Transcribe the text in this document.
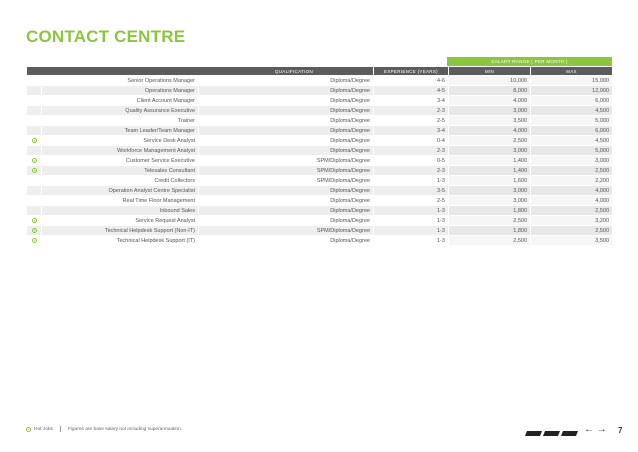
CONTACT CENTRE
SALARY RANGE ( PER MONTH )
QUALIFICATION			EXPERIENCE (YEARS)	MIN	MAX
	Senior Operations Manager	Diploma/Degree	4-6	10,000	15,000
	Operations Manager	Diploma/Degree	4-5	8,000	12,000
	Client Account Manager	Diploma/Degree	3-4	4,000	6,000
	Quality Assurance Executive	Diploma/Degree	2-3	3,000	4,500
	Trainer	Diploma/Degree	2-5	3,500	5,000
	Team Leader/Team Manager	Diploma/Degree	3-4	4,000	6,000
	Service Desk Analyst	Diploma/Degree	0-4	2,500	4,500
	Workforce Management Analyst	Diploma/Degree	2-3	3,000	5,000
	Customer Service Executive	SPM/Diploma/Degree	0-5	1,400	3,000
	Telesales Consultant	SPM/Diploma/Degree	2-3	1,400	2,500
	Credit Collectors	SPM/Diploma/Degree	1-3	1,600	2,200
	Operation Analyst Centre Specialist	Diploma/Degree	3-5	3,000	4,000
	Real Time Floor Management	Diploma/Degree	2-5	3,000	4,000
	Inbound Sales	Diploma/Degree	1-3	1,800	2,500
	Service Request Analyst	Diploma/Degree	1-3	2,500	3,200
	Technical Helpdesk Support (Non-IT)	SPM/Diploma/Degree	1-3	1,800	2,500
	Technical Helpdesk Support (IT)	Diploma/Degree	1-3	2,500	3,500
Hot Jobs	Figures are base salary not including superannuation.	← → 7
